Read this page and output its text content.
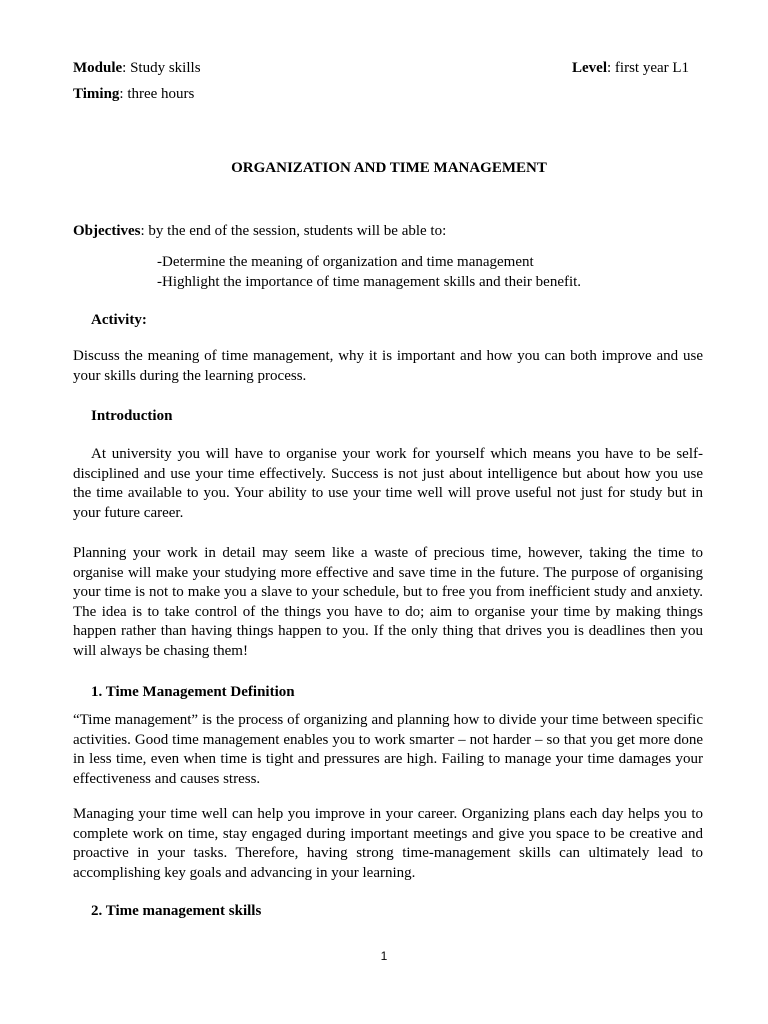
Module: Study skills	Level: first year L1
Timing: three hours
ORGANIZATION AND TIME MANAGEMENT
Objectives: by the end of the session, students will be able to:
-Determine the meaning of organization and time management
-Highlight the importance of time management skills and their benefit.
Activity:

Discuss the meaning of time management, why it is important and how you can both improve and use your skills during the learning process.

Introduction

At university you will have to organise your work for yourself which means you have to be self-disciplined and use your time effectively. Success is not just about intelligence but about how you use the time available to you. Your ability to use your time well will prove useful not just for study but in your future career.

Planning your work in detail may seem like a waste of precious time, however, taking the time to organise will make your studying more effective and save time in the future. The purpose of organising your time is not to make you a slave to your schedule, but to free you from inefficient study and anxiety. The idea is to take control of the things you have to do; aim to organise your time by making things happen rather than having things happen to you. If the only thing that drives you is deadlines then you will always be chasing them!

1. Time Management Definition

“Time management” is the process of organizing and planning how to divide your time between specific activities. Good time management enables you to work smarter – not harder – so that you get more done in less time, even when time is tight and pressures are high. Failing to manage your time damages your effectiveness and causes stress.

Managing your time well can help you improve in your career. Organizing plans each day helps you to complete work on time, stay engaged during important meetings and give you space to be creative and proactive in your tasks. Therefore, having strong time-management skills can ultimately lead to accomplishing key goals and advancing in your learning.

2. Time management skills
1
